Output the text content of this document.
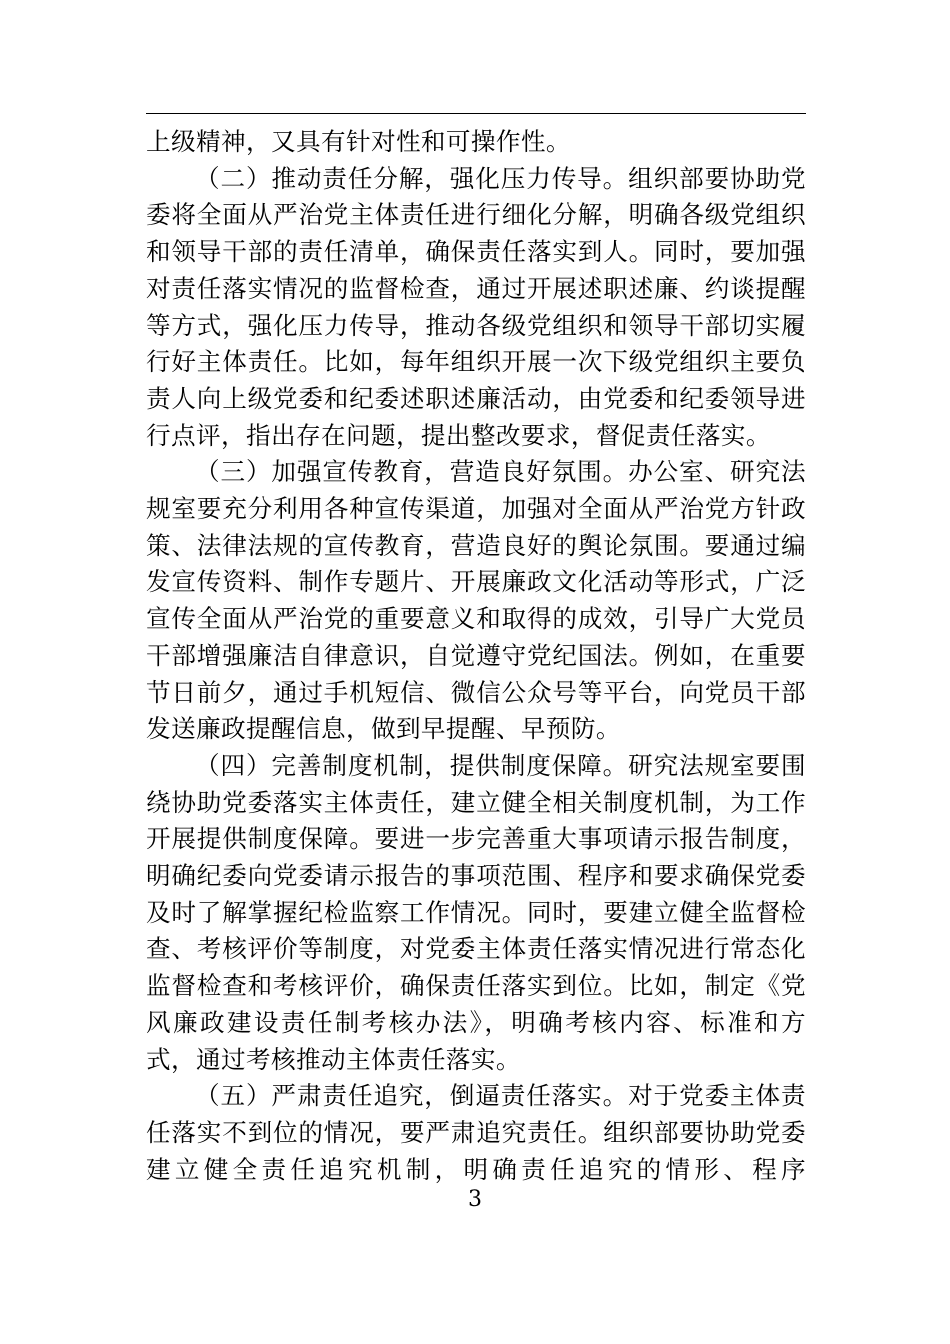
上级精神，又具有针对性和可操作性。

（二）推动责任分解，强化压力传导。组织部要协助党委将全面从严治党主体责任进行细化分解，明确各级党组织和领导干部的责任清单，确保责任落实到人。同时，要加强对责任落实情况的监督检查，通过开展述职述廉、约谈提醒等方式，强化压力传导，推动各级党组织和领导干部切实履行好主体责任。比如，每年组织开展一次下级党组织主要负责人向上级党委和纪委述职述廉活动，由党委和纪委领导进行点评，指出存在问题，提出整改要求，督促责任落实。

（三）加强宣传教育，营造良好氛围。办公室、研究法规室要充分利用各种宣传渠道，加强对全面从严治党方针政策、法律法规的宣传教育，营造良好的舆论氛围。要通过编发宣传资料、制作专题片、开展廉政文化活动等形式，广泛宣传全面从严治党的重要意义和取得的成效，引导广大党员干部增强廉洁自律意识，自觉遵守党纪国法。例如，在重要节日前夕，通过手机短信、微信公众号等平台，向党员干部发送廉政提醒信息，做到早提醒、早预防。

（四）完善制度机制，提供制度保障。研究法规室要围绕协助党委落实主体责任，建立健全相关制度机制，为工作开展提供制度保障。要进一步完善重大事项请示报告制度，明确纪委向党委请示报告的事项范围、程序和要求确保党委及时了解掌握纪检监察工作情况。同时，要建立健全监督检查、考核评价等制度，对党委主体责任落实情况进行常态化监督检查和考核评价，确保责任落实到位。比如，制定《党风廉政建设责任制考核办法》，明确考核内容、标准和方式，通过考核推动主体责任落实。

（五）严肃责任追究，倒逼责任落实。对于党委主体责任落实不到位的情况，要严肃追究责任。组织部要协助党委建立健全责任追究机制，明确责任追究的情形、程序

3
